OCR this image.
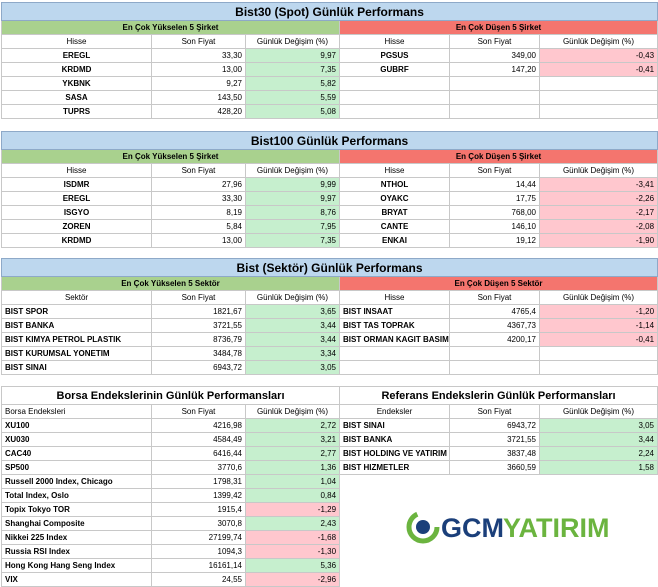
Bist30 (Spot) Günlük Performans					
En Çok Yükselen 5 Şirket			En Çok Düşen 5 Şirket		
Hisse	Son Fiyat	Günlük Değişim (%)	Hisse	Son Fiyat	Günlük Değişim (%)
EREGL	33,30	9,97	PGSUS	349,00	-0,43
KRDMD	13,00	7,35	GUBRF	147,20	-0,41
YKBNK	9,27	5,82			
SASA	143,50	5,59			
TUPRS	428,20	5,08			
Bist100 Günlük Performans					
En Çok Yükselen 5 Şirket			En Çok Düşen 5 Şirket		
Hisse	Son Fiyat	Günlük Değişim (%)	Hisse	Son Fiyat	Günlük Değişim (%)
ISDMR	27,96	9,99	NTHOL	14,44	-3,41
EREGL	33,30	9,97	OYAKC	17,75	-2,26
ISGYO	8,19	8,76	BRYAT	768,00	-2,17
ZOREN	5,84	7,95	CANTE	146,10	-2,08
KRDMD	13,00	7,35	ENKAI	19,12	-1,90
Bist (Sektör) Günlük Performans					
En Çok Yükselen 5 Sektör			En Çok Düşen 5 Sektör		
Sektör	Son Fiyat	Günlük Değişim (%)	Hisse	Son Fiyat	Günlük Değişim (%)
BIST SPOR	1821,67	3,65	BIST INSAAT	4765,4	-1,20
BIST BANKA	3721,55	3,44	BIST TAS TOPRAK	4367,73	-1,14
BIST KIMYA PETROL PLASTIK	8736,79	3,44	BIST ORMAN KAGIT BASIM	4200,17	-0,41
BIST KURUMSAL YONETIM	3484,78	3,34			
BIST SINAI	6943,72	3,05			
Borsa Endekslerinin Günlük Performansları		
Borsa Endeksleri	Son Fiyat	Günlük Değişim (%)
XU100	4216,98	2,72
XU030	4584,49	3,21
CAC40	6416,44	2,77
SP500	3770,6	1,36
Russell 2000 Index, Chicago	1798,31	1,04
Total Index, Oslo	1399,42	0,84
Topix Tokyo TOR	1915,4	-1,29
Shanghai Composite	3070,8	2,43
Nikkei 225 Index	27199,74	-1,68
Russia RSI Index	1094,3	-1,30
Hong Kong Hang Seng Index	16161,14	5,36
VIX	24,55	-2,96
Referans Endekslerin Günlük Performansları		
Endeksler	Son Fiyat	Günlük Değişim (%)
BIST SINAI	6943,72	3,05
BIST BANKA	3721,55	3,44
BIST HOLDING VE YATIRIM	3837,48	2,24
BIST HIZMETLER	3660,59	1,58
GCM YATIRIM
